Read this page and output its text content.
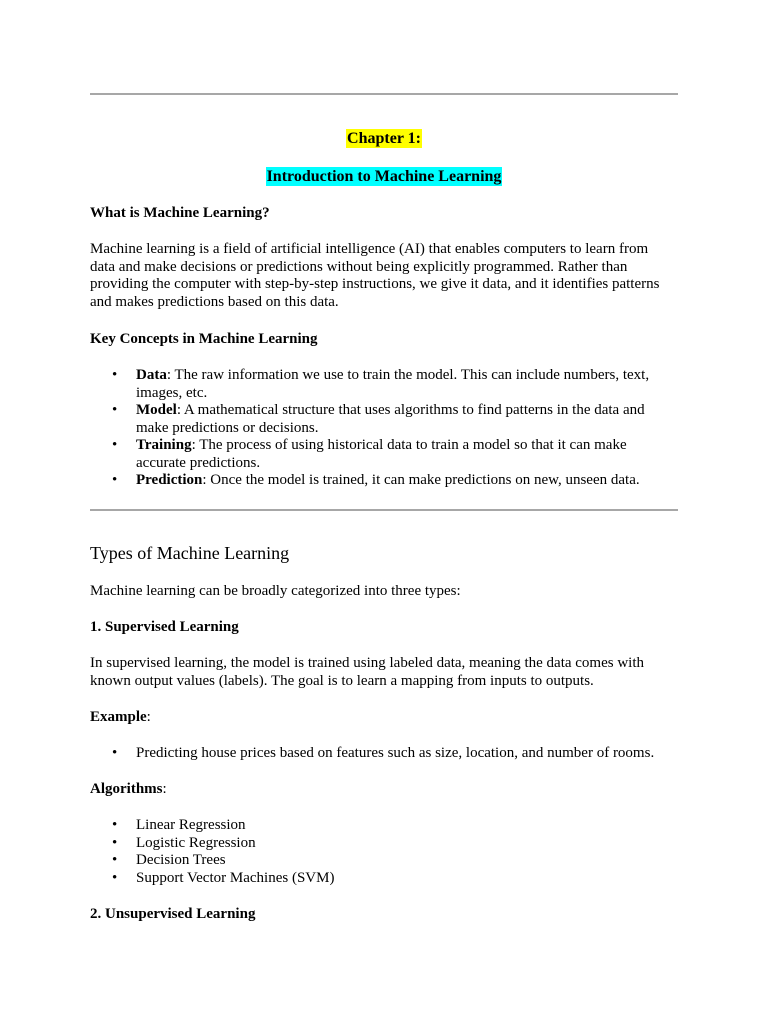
Chapter 1:

Introduction to Machine Learning

What is Machine Learning?

Machine learning is a field of artificial intelligence (AI) that enables computers to learn from data and make decisions or predictions without being explicitly programmed. Rather than providing the computer with step-by-step instructions, we give it data, and it identifies patterns and makes predictions based on this data.

Key Concepts in Machine Learning

• Data: The raw information we use to train the model. This can include numbers, text, images, etc.
• Model: A mathematical structure that uses algorithms to find patterns in the data and make predictions or decisions.
• Training: The process of using historical data to train a model so that it can make accurate predictions.
• Prediction: Once the model is trained, it can make predictions on new, unseen data.

Types of Machine Learning

Machine learning can be broadly categorized into three types:

1. Supervised Learning

In supervised learning, the model is trained using labeled data, meaning the data comes with known output values (labels). The goal is to learn a mapping from inputs to outputs.

Example:

• Predicting house prices based on features such as size, location, and number of rooms.

Algorithms:

• Linear Regression
• Logistic Regression
• Decision Trees
• Support Vector Machines (SVM)

2. Unsupervised Learning
